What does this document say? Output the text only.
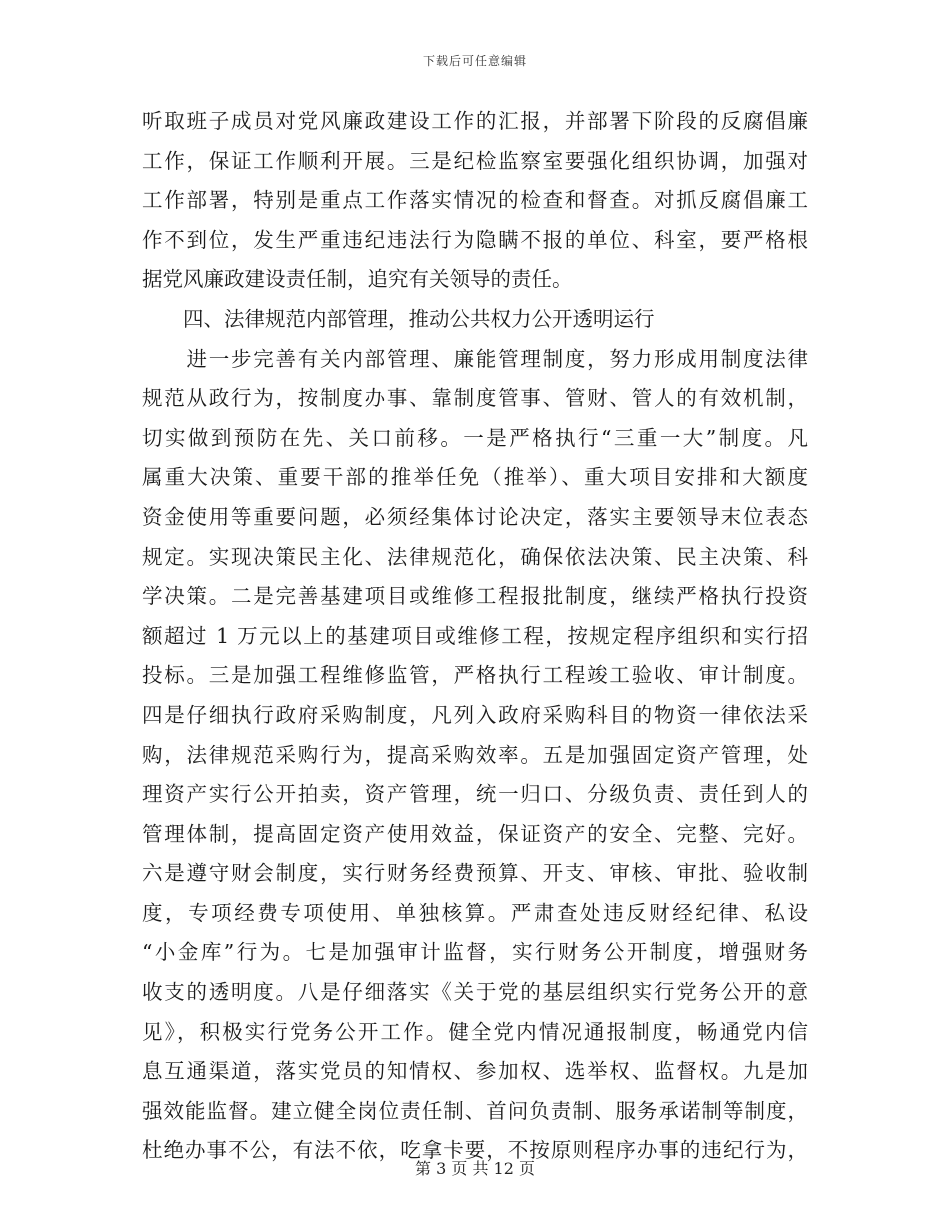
下载后可任意编辑
听取班子成员对党风廉政建设工作的汇报，并部署下阶段的反腐倡廉
工作，保证工作顺利开展。三是纪检监察室要强化组织协调，加强对
工作部署，特别是重点工作落实情况的检查和督查。对抓反腐倡廉工
作不到位，发生严重违纪违法行为隐瞒不报的单位、科室，要严格根
据党风廉政建设责任制，追究有关领导的责任。
　　四、法律规范内部管理，推动公共权力公开透明运行
　　进一步完善有关内部管理、廉能管理制度，努力形成用制度法律
规范从政行为，按制度办事、靠制度管事、管财、管人的有效机制，
切实做到预防在先、关口前移。一是严格执行“三重一大”制度。凡
属重大决策、重要干部的推举任免（推举）、重大项目安排和大额度
资金使用等重要问题，必须经集体讨论决定，落实主要领导末位表态
规定。实现决策民主化、法律规范化，确保依法决策、民主决策、科
学决策。二是完善基建项目或维修工程报批制度，继续严格执行投资
额超过 1 万元以上的基建项目或维修工程，按规定程序组织和实行招
投标。三是加强工程维修监管，严格执行工程竣工验收、审计制度。
四是仔细执行政府采购制度，凡列入政府采购科目的物资一律依法采
购，法律规范采购行为，提高采购效率。五是加强固定资产管理，处
理资产实行公开拍卖，资产管理，统一归口、分级负责、责任到人的
管理体制，提高固定资产使用效益，保证资产的安全、完整、完好。
六是遵守财会制度，实行财务经费预算、开支、审核、审批、验收制
度，专项经费专项使用、单独核算。严肃查处违反财经纪律、私设
“小金库”行为。七是加强审计监督，实行财务公开制度，增强财务
收支的透明度。八是仔细落实《关于党的基层组织实行党务公开的意
见》，积极实行党务公开工作。健全党内情况通报制度，畅通党内信
息互通渠道，落实党员的知情权、参加权、选举权、监督权。九是加
强效能监督。建立健全岗位责任制、首问负责制、服务承诺制等制度，
杜绝办事不公，有法不依，吃拿卡要，不按原则程序办事的违纪行为，
第 3 页 共 12 页
